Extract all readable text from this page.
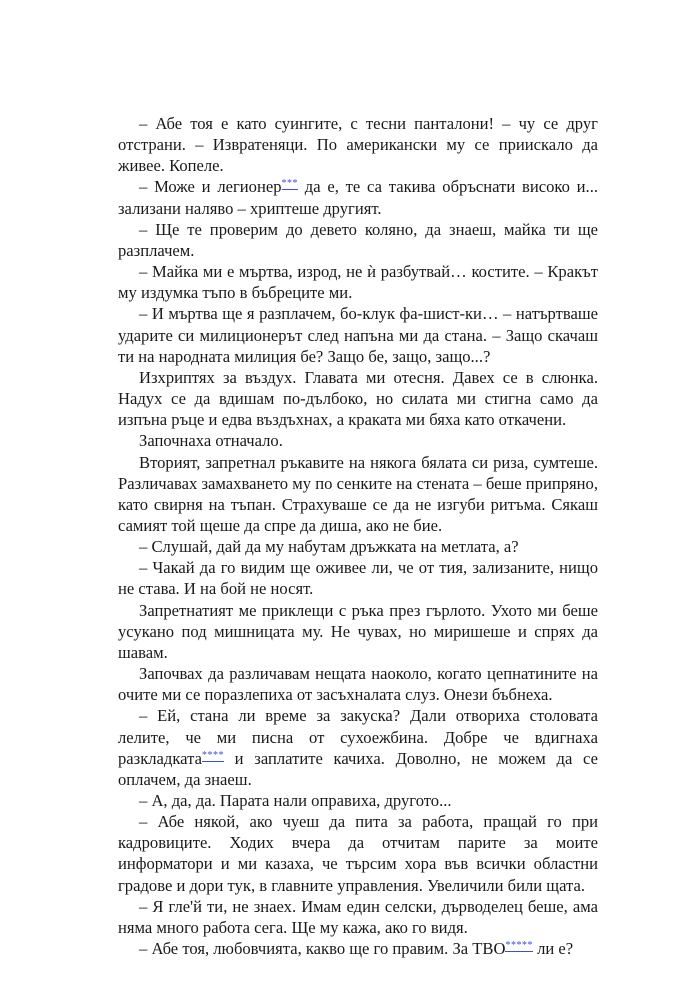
– Абе тоя е като суингите, с тесни панталони! – чу се друг отстрани. – Извратеняци. По американски му се приискало да живее. Копеле.

– Може и легионер*** да е, те са такива обръснати високо и... зализани наляво – хриптеше другият.

– Ще те проверим до девето коляно, да знаеш, майка ти ще разплачем.

– Майка ми е мъртва, изрод, не ѝ разбутвай… костите. – Кракът му издумка тъпо в бъбреците ми.

– И мъртва ще я разплачем, бо-клук фа-шист-ки… – натъртваше ударите си милиционерът след напъна ми да стана. – Защо скачаш ти на народната милиция бе? Защо бе, защо, защо...?

Изхриптях за въздух. Главата ми отесня. Давех се в слюнка. Надух се да вдишам по-дълбоко, но силата ми стигна само да изпъна ръце и едва въздъхнах, а краката ми бяха като откачени.

Започнаха отначало.

Вторият, запретнал ръкавите на някога бялата си риза, сумтеше. Различавах замахването му по сенките на стената – беше припряно, като свирня на тъпан. Страхуваше се да не изгуби ритъма. Сякаш самият той щеше да спре да диша, ако не бие.

– Слушай, дай да му набутам дръжката на метлата, а?

– Чакай да го видим ще оживее ли, че от тия, зализаните, нищо не става. И на бой не носят.

Запретнатият ме приклещи с ръка през гърлото. Ухото ми беше усукано под мишницата му. Не чувах, но миришеше и спрях да шавам.

Започвах да различавам нещата наоколо, когато цепнатините на очите ми се поразлепиха от засъхналата слуз. Онези бъбнеха.

– Ей, стана ли време за закуска? Дали отвориха столовата лелите, че ми писна от сухоежбина. Добре че вдигнаха разкладката**** и заплатите качиха. Доволно, не можем да се оплачем, да знаеш.

– А, да, да. Парата нали оправиха, другото...

– Абе някой, ако чуеш да пита за работа, пращай го при кадровиците. Ходих вчера да отчитам парите за моите информатори и ми казаха, че търсим хора във всички областни градове и дори тук, в главните управления. Увеличили били щата.

– Я гле'й ти, не знаех. Имам един селски, дърводелец беше, ама няма много работа сега. Ще му кажа, ако го видя.

– Абе тоя, любовчията, какво ще го правим. За ТВО***** ли е?
